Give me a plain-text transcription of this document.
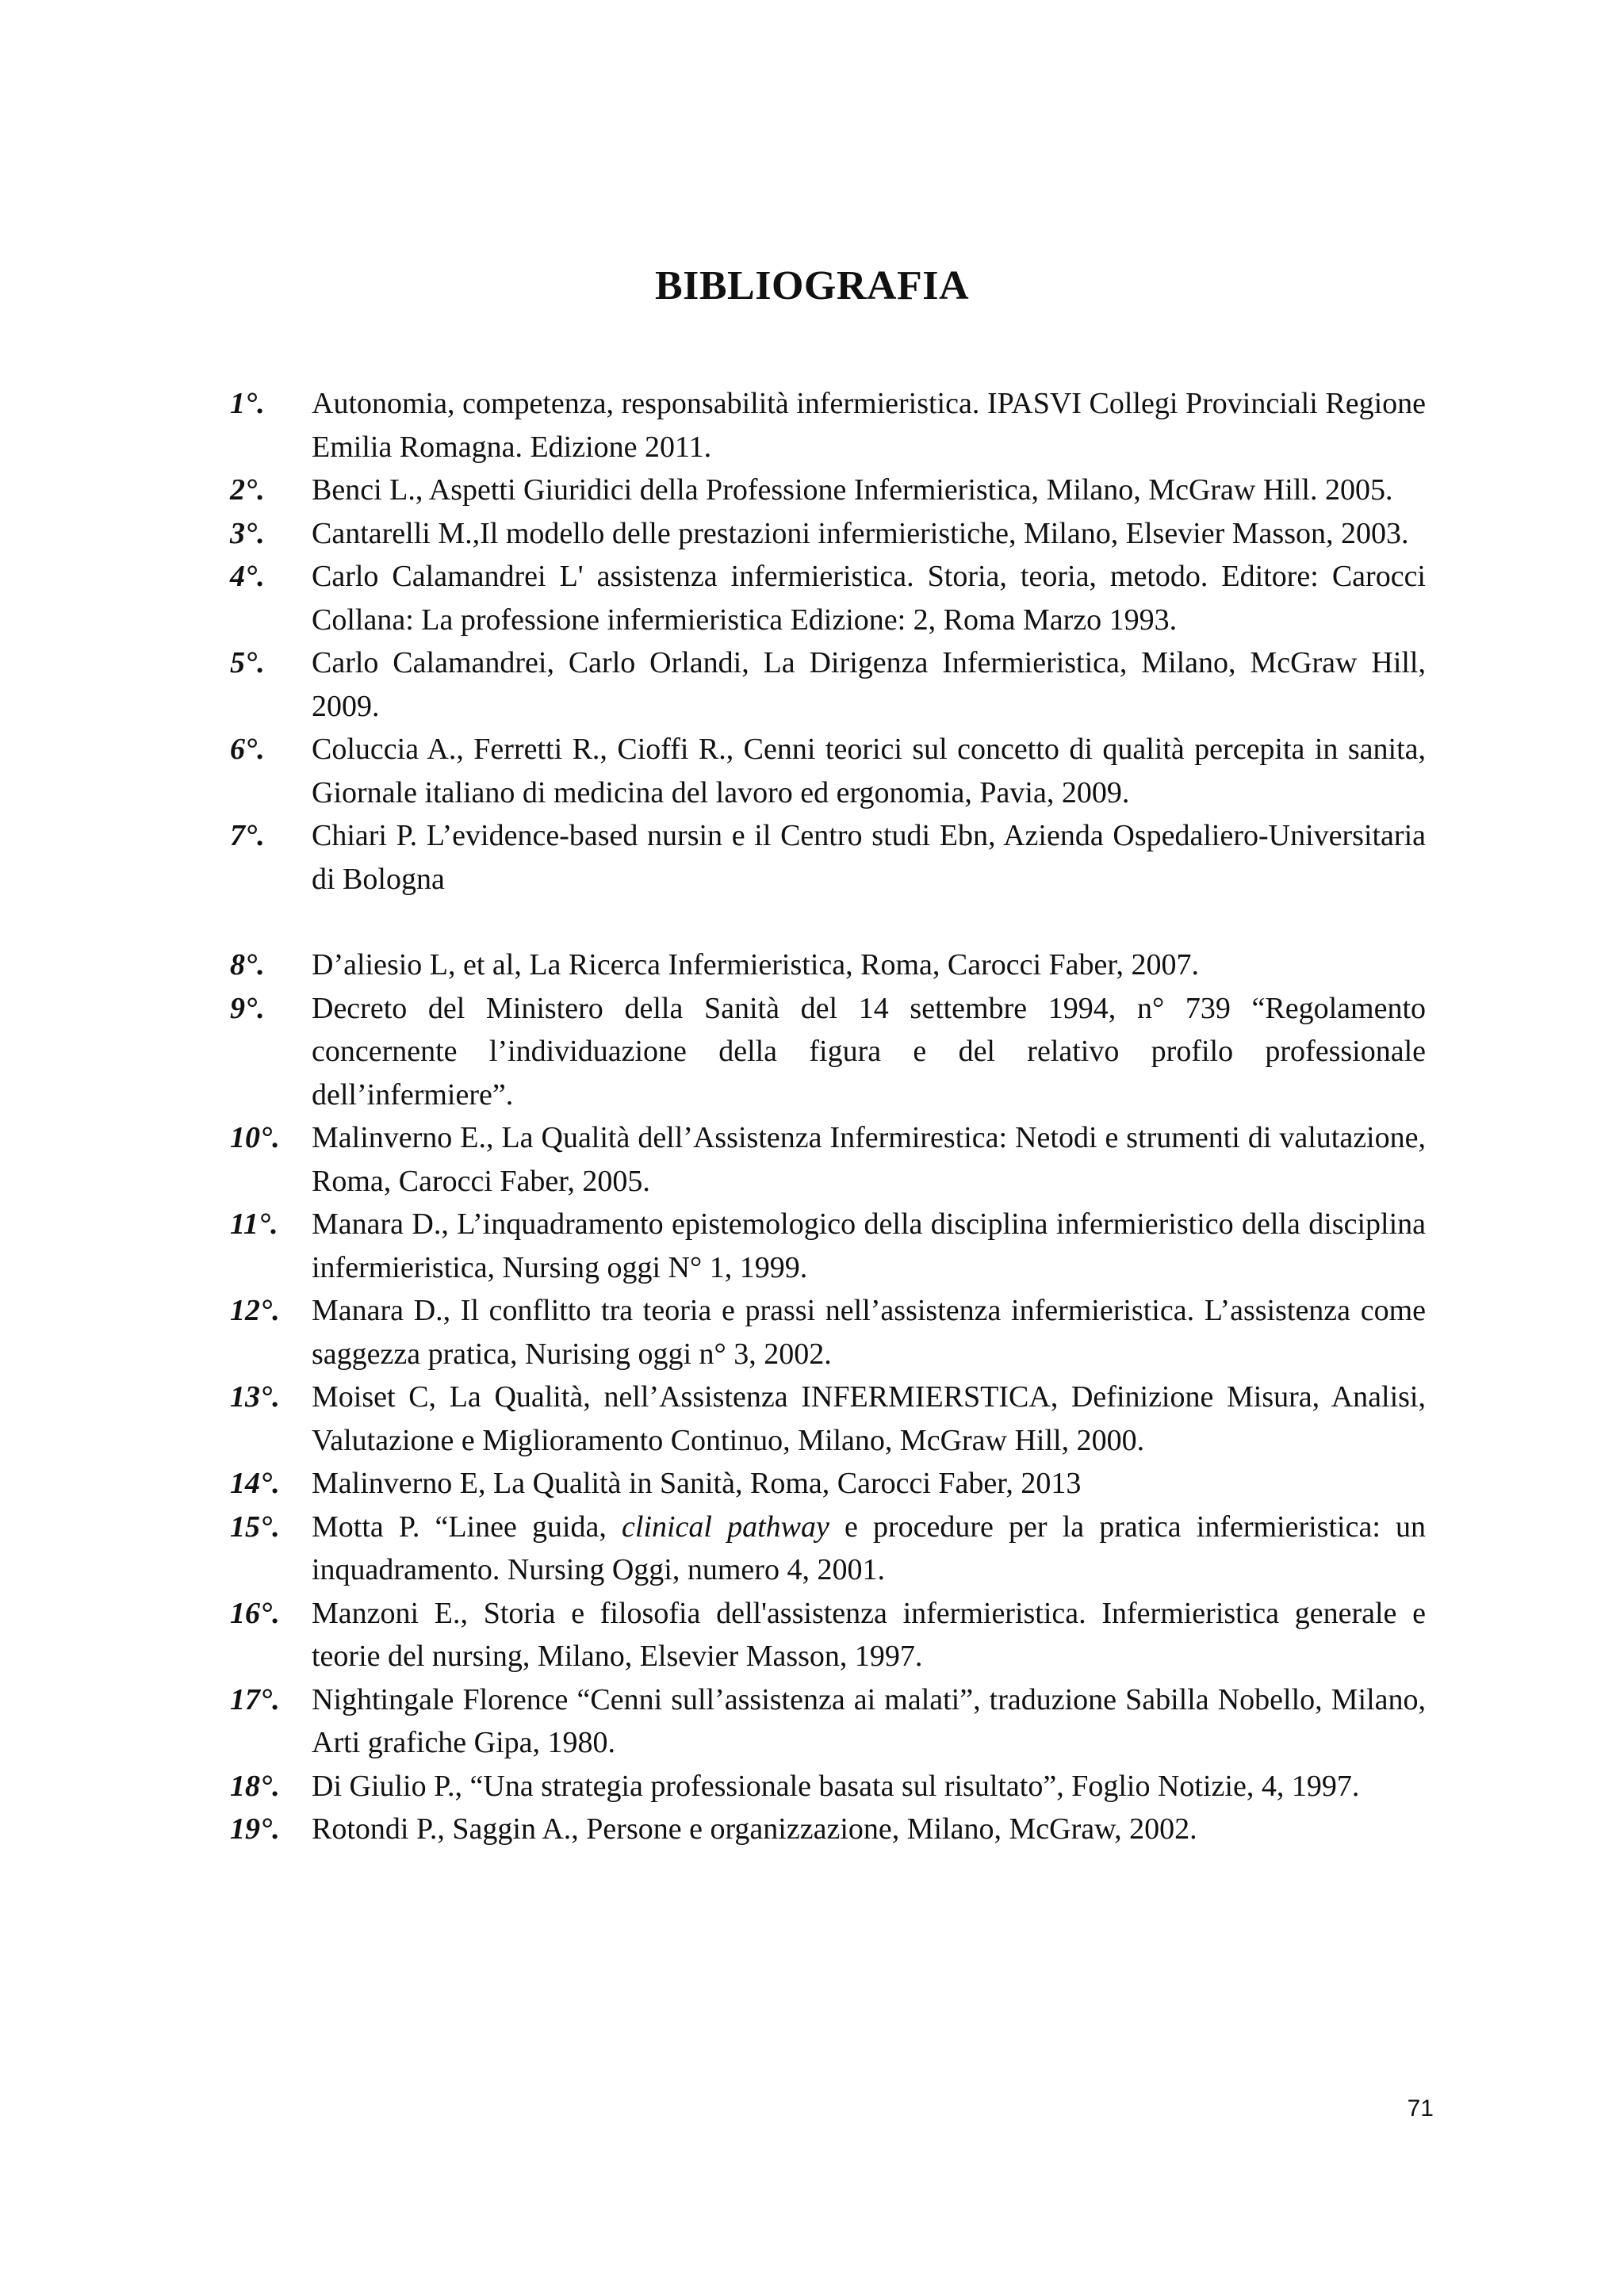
BIBLIOGRAFIA
1°. Autonomia, competenza, responsabilità infermieristica. IPASVI Collegi Provinciali Regione Emilia Romagna. Edizione 2011.
2°. Benci L., Aspetti Giuridici della Professione Infermieristica, Milano, McGraw Hill. 2005.
3°. Cantarelli M.,Il modello delle prestazioni infermieristiche, Milano, Elsevier Masson, 2003.
4°. Carlo Calamandrei L' assistenza infermieristica. Storia, teoria, metodo. Editore: Carocci Collana: La professione infermieristica Edizione: 2, Roma Marzo 1993.
5°. Carlo Calamandrei, Carlo Orlandi, La Dirigenza Infermieristica, Milano, McGraw Hill, 2009.
6°. Coluccia A., Ferretti R., Cioffi R., Cenni teorici sul concetto di qualità percepita in sanita, Giornale italiano di medicina del lavoro ed ergonomia, Pavia, 2009.
7°. Chiari P. L’evidence-based nursin e il Centro studi Ebn, Azienda Ospedaliero-Universitaria di Bologna
8°. D’aliesio L, et al, La Ricerca Infermieristica, Roma, Carocci Faber, 2007.
9°. Decreto del Ministero della Sanità del 14 settembre 1994, n° 739 “Regolamento concernente l’individuazione della figura e del relativo profilo professionale dell’infermiere”.
10°. Malinverno E., La Qualità dell’Assistenza Infermirestica: Netodi e strumenti di valutazione, Roma, Carocci Faber, 2005.
11°. Manara D., L’inquadramento epistemologico della disciplina infermieristico della disciplina infermieristica, Nursing oggi N° 1, 1999.
12°. Manara D., Il conflitto tra teoria e prassi nell’assistenza infermieristica. L’assistenza come saggezza pratica, Nurising oggi n° 3, 2002.
13°. Moiset C, La Qualità, nell’Assistenza INFERMIERSTICA, Definizione Misura, Analisi, Valutazione e Miglioramento Continuo, Milano, McGraw Hill, 2000.
14°. Malinverno E, La Qualità in Sanità, Roma, Carocci Faber, 2013
15°. Motta P. “Linee guida, clinical pathway e procedure per la pratica infermieristica: un inquadramento. Nursing Oggi, numero 4, 2001.
16°. Manzoni E., Storia e filosofia dell'assistenza infermieristica. Infermieristica generale e teorie del nursing, Milano, Elsevier Masson, 1997.
17°. Nightingale Florence “Cenni sull’assistenza ai malati”, traduzione Sabilla Nobello, Milano, Arti grafiche Gipa, 1980.
18°. Di Giulio P., “Una strategia professionale basata sul risultato”, Foglio Notizie, 4, 1997.
19°. Rotondi P., Saggin A., Persone e organizzazione, Milano, McGraw, 2002.
71
